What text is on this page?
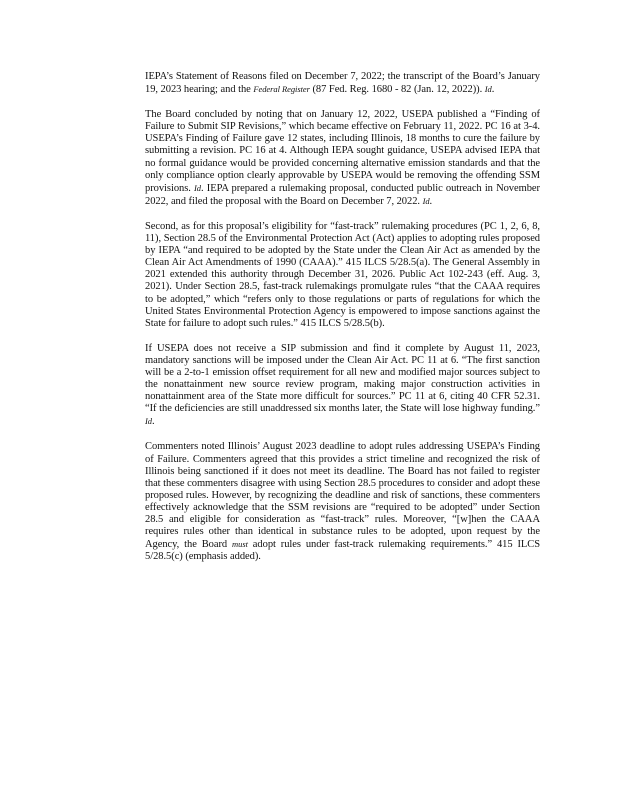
IEPA’s Statement of Reasons filed on December 7, 2022; the transcript of the Board’s January 19, 2023 hearing; and the Federal Register (87 Fed. Reg. 1680 - 82 (Jan. 12, 2022)). Id.

The Board concluded by noting that on January 12, 2022, USEPA published a “Finding of Failure to Submit SIP Revisions,” which became effective on February 11, 2022. PC 16 at 3-4. USEPA’s Finding of Failure gave 12 states, including Illinois, 18 months to cure the failure by submitting a revision. PC 16 at 4. Although IEPA sought guidance, USEPA advised IEPA that no formal guidance would be provided concerning alternative emission standards and that the only compliance option clearly approvable by USEPA would be removing the offending SSM provisions. Id. IEPA prepared a rulemaking proposal, conducted public outreach in November 2022, and filed the proposal with the Board on December 7, 2022. Id.

Second, as for this proposal’s eligibility for “fast-track” rulemaking procedures (PC 1, 2, 6, 8, 11), Section 28.5 of the Environmental Protection Act (Act) applies to adopting rules proposed by IEPA “and required to be adopted by the State under the Clean Air Act as amended by the Clean Air Act Amendments of 1990 (CAAA).” 415 ILCS 5/28.5(a). The General Assembly in 2021 extended this authority through December 31, 2026. Public Act 102-243 (eff. Aug. 3, 2021). Under Section 28.5, fast-track rulemakings promulgate rules “that the CAAA requires to be adopted,” which “refers only to those regulations or parts of regulations for which the United States Environmental Protection Agency is empowered to impose sanctions against the State for failure to adopt such rules.” 415 ILCS 5/28.5(b).

If USEPA does not receive a SIP submission and find it complete by August 11, 2023, mandatory sanctions will be imposed under the Clean Air Act. PC 11 at 6. “The first sanction will be a 2-to-1 emission offset requirement for all new and modified major sources subject to the nonattainment new source review program, making major construction activities in nonattainment area of the State more difficult for sources.” PC 11 at 6, citing 40 CFR 52.31. “If the deficiencies are still unaddressed six months later, the State will lose highway funding.” Id.

Commenters noted Illinois’ August 2023 deadline to adopt rules addressing USEPA’s Finding of Failure. Commenters agreed that this provides a strict timeline and recognized the risk of Illinois being sanctioned if it does not meet its deadline. The Board has not failed to register that these commenters disagree with using Section 28.5 procedures to consider and adopt these proposed rules. However, by recognizing the deadline and risk of sanctions, these commenters effectively acknowledge that the SSM revisions are “required to be adopted” under Section 28.5 and eligible for consideration as “fast-track” rules. Moreover, “[w]hen the CAAA requires rules other than identical in substance rules to be adopted, upon request by the Agency, the Board must adopt rules under fast-track rulemaking requirements.” 415 ILCS 5/28.5(c) (emphasis added).
